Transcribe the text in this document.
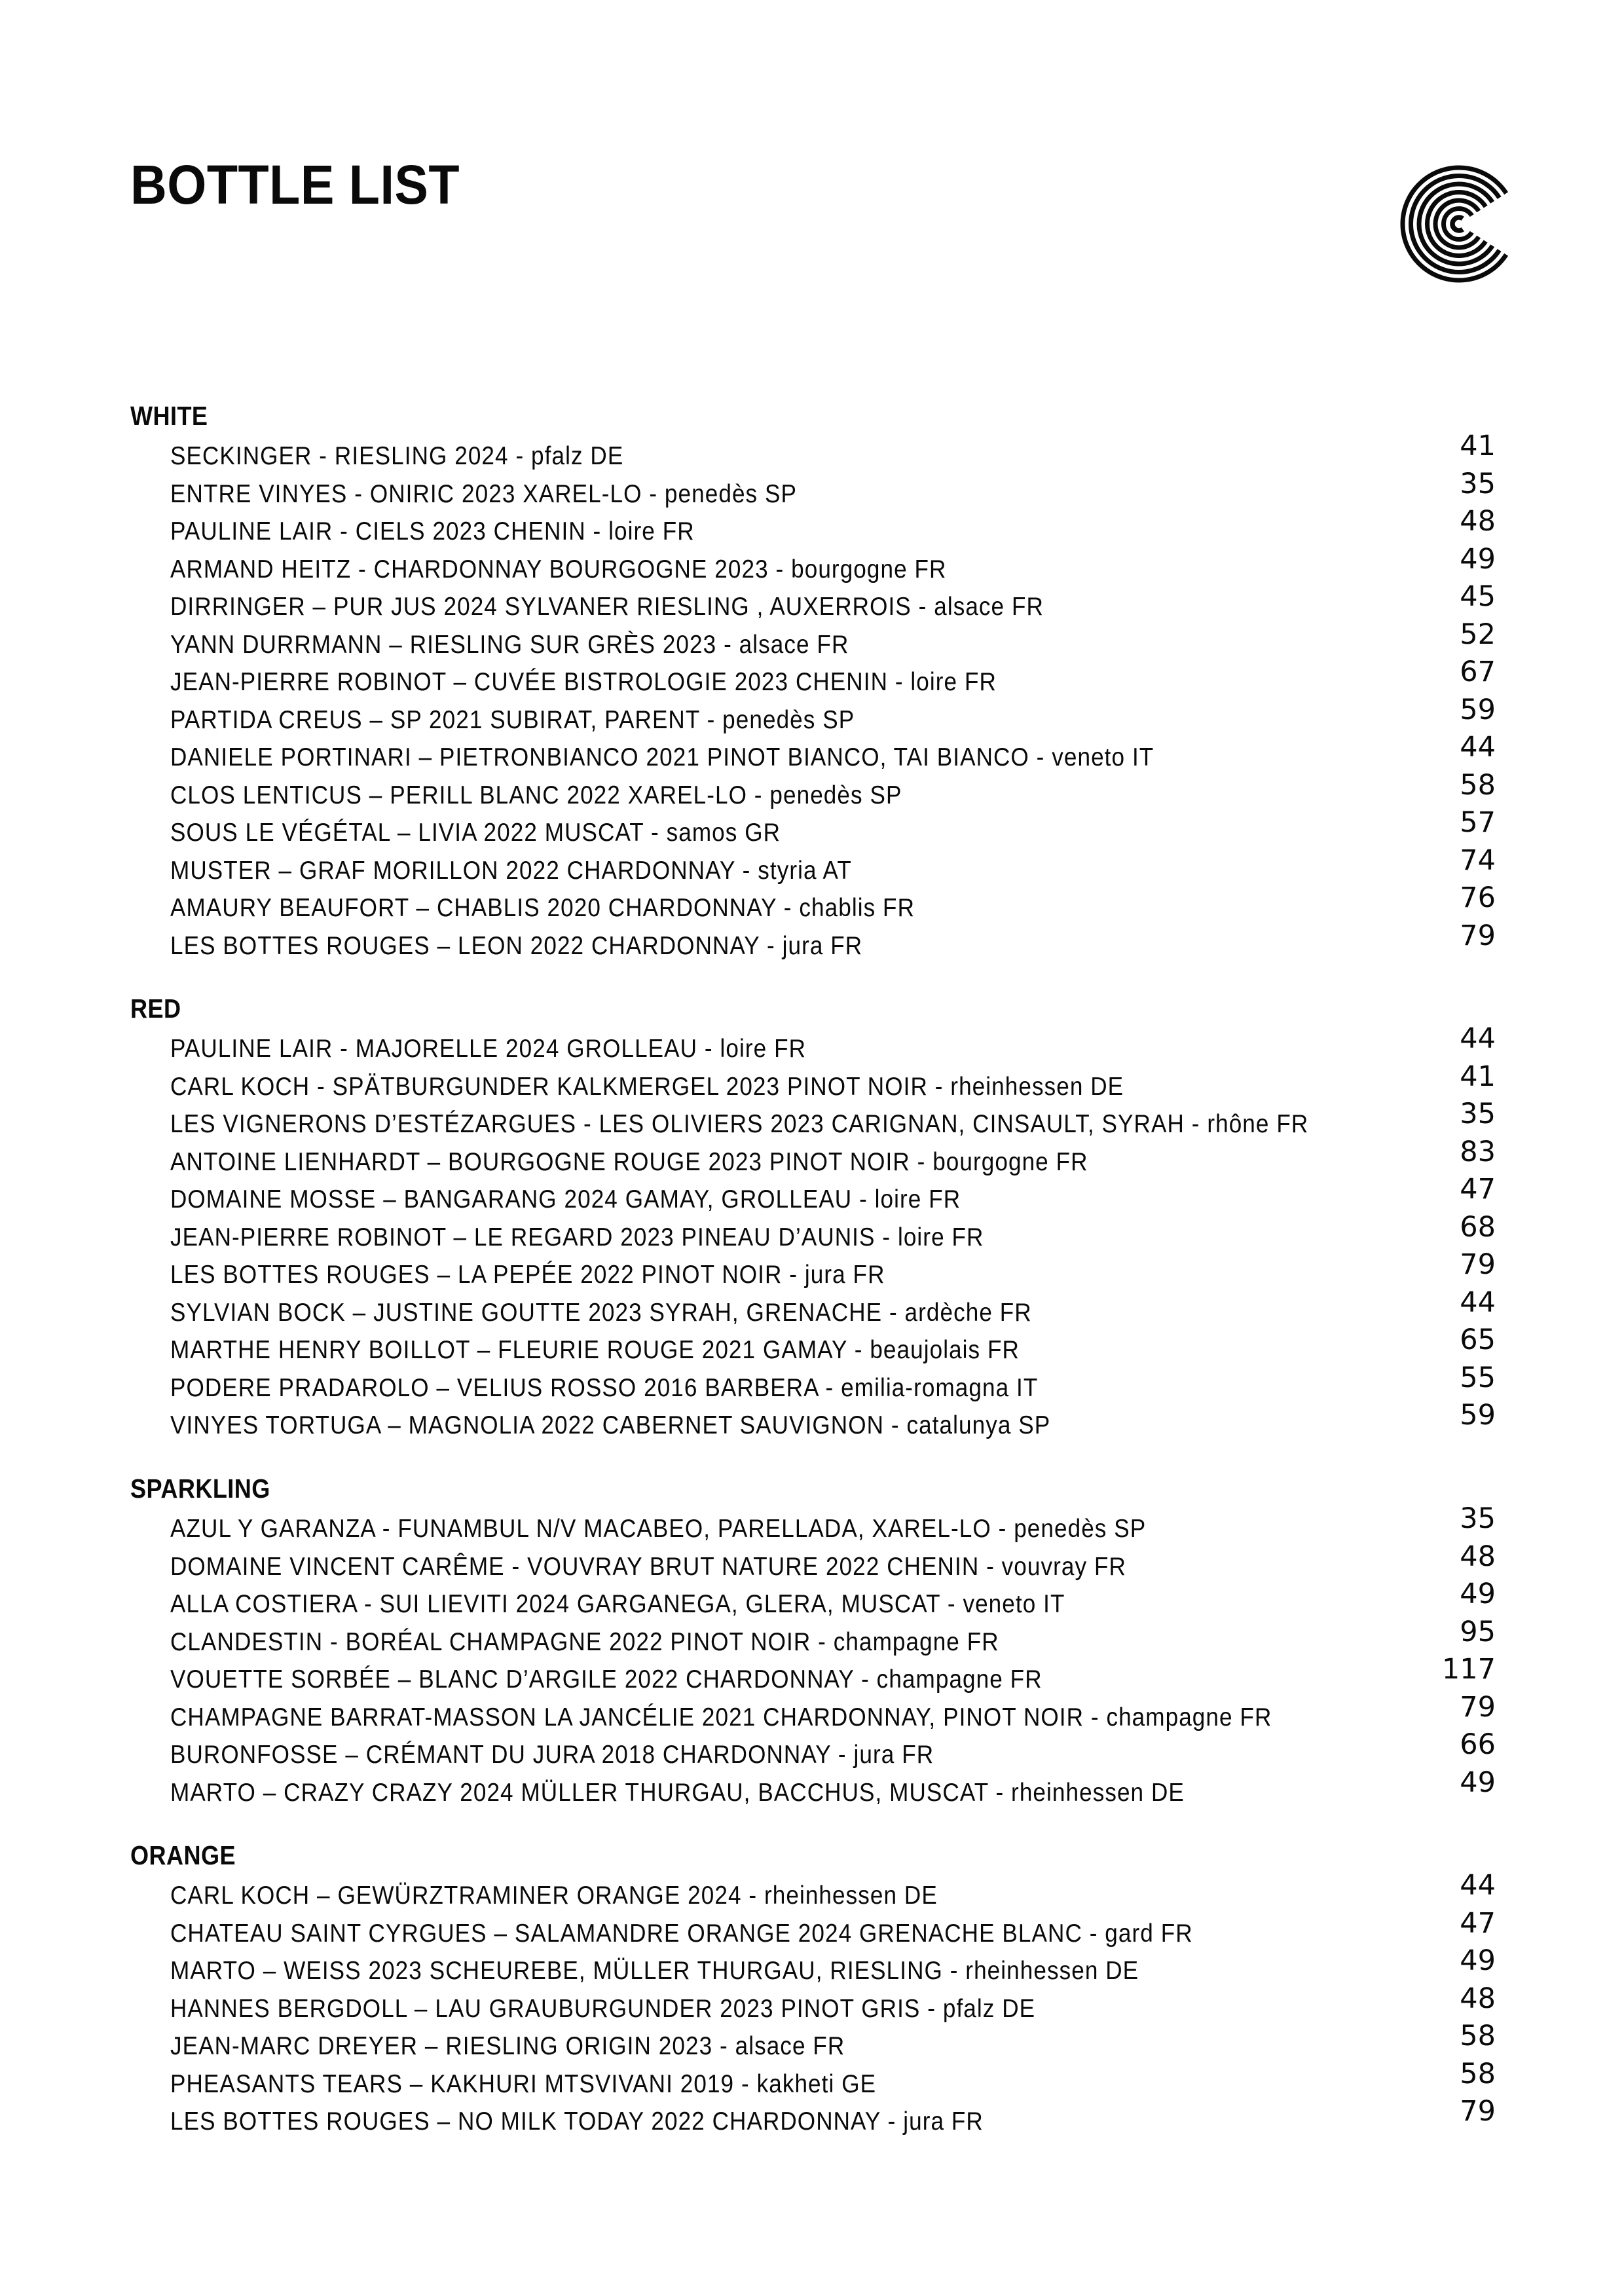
BOTTLE LIST
WHITE
SECKINGER - RIESLING 2024 - pfalz DE	41
ENTRE VINYES - ONIRIC 2023 XAREL-LO - penedès SP	35
PAULINE LAIR - CIELS 2023 CHENIN - loire FR	48
ARMAND HEITZ - CHARDONNAY BOURGOGNE 2023 - bourgogne FR	49
DIRRINGER – PUR JUS 2024 SYLVANER RIESLING , AUXERROIS - alsace FR	45
YANN DURRMANN – RIESLING SUR GRÈS 2023 - alsace FR	52
JEAN-PIERRE ROBINOT – CUVÉE BISTROLOGIE 2023 CHENIN - loire FR	67
PARTIDA CREUS – SP 2021 SUBIRAT, PARENT - penedès SP	59
DANIELE PORTINARI – PIETRONBIANCO 2021 PINOT BIANCO, TAI BIANCO - veneto IT	44
CLOS LENTICUS – PERILL BLANC 2022 XAREL-LO - penedès SP	58
SOUS LE VÉGÉTAL – LIVIA 2022 MUSCAT - samos GR	57
MUSTER – GRAF MORILLON 2022 CHARDONNAY - styria AT	74
AMAURY BEAUFORT – CHABLIS 2020 CHARDONNAY - chablis FR	76
LES BOTTES ROUGES – LEON 2022 CHARDONNAY - jura FR	79
RED
PAULINE LAIR - MAJORELLE 2024 GROLLEAU - loire FR	44
CARL KOCH - SPÄTBURGUNDER KALKMERGEL 2023 PINOT NOIR - rheinhessen DE	41
LES VIGNERONS D’ESTÉZARGUES - LES OLIVIERS 2023 CARIGNAN, CINSAULT, SYRAH - rhône FR	35
ANTOINE LIENHARDT – BOURGOGNE ROUGE 2023 PINOT NOIR - bourgogne FR	83
DOMAINE MOSSE – BANGARANG 2024 GAMAY, GROLLEAU - loire FR	47
JEAN-PIERRE ROBINOT – LE REGARD 2023 PINEAU D’AUNIS - loire FR	68
LES BOTTES ROUGES – LA PEPÉE 2022 PINOT NOIR - jura FR	79
SYLVIAN BOCK – JUSTINE GOUTTE 2023 SYRAH, GRENACHE - ardèche FR	44
MARTHE HENRY BOILLOT – FLEURIE ROUGE 2021 GAMAY - beaujolais FR	65
PODERE PRADAROLO – VELIUS ROSSO 2016 BARBERA - emilia-romagna IT	55
VINYES TORTUGA – MAGNOLIA 2022 CABERNET SAUVIGNON - catalunya SP	59
SPARKLING
AZUL Y GARANZA - FUNAMBUL N/V MACABEO, PARELLADA, XAREL-LO - penedès SP	35
DOMAINE VINCENT CARÊME - VOUVRAY BRUT NATURE 2022 CHENIN - vouvray FR	48
ALLA COSTIERA - SUI LIEVITI 2024 GARGANEGA, GLERA, MUSCAT - veneto IT	49
CLANDESTIN - BORÉAL CHAMPAGNE 2022 PINOT NOIR - champagne FR	95
VOUETTE SORBÉE – BLANC D’ARGILE 2022 CHARDONNAY - champagne FR	117
CHAMPAGNE BARRAT-MASSON LA JANCÉLIE 2021 CHARDONNAY, PINOT NOIR - champagne FR	79
BURONFOSSE – CRÉMANT DU JURA 2018 CHARDONNAY - jura FR	66
MARTO – CRAZY CRAZY 2024 MÜLLER THURGAU, BACCHUS, MUSCAT - rheinhessen DE	49
ORANGE
CARL KOCH – GEWÜRZTRAMINER ORANGE 2024 - rheinhessen DE	44
CHATEAU SAINT CYRGUES – SALAMANDRE ORANGE 2024 GRENACHE BLANC - gard FR	47
MARTO – WEISS 2023 SCHEUREBE, MÜLLER THURGAU, RIESLING - rheinhessen DE	49
HANNES BERGDOLL – LAU GRAUBURGUNDER 2023 PINOT GRIS - pfalz DE	48
JEAN-MARC DREYER – RIESLING ORIGIN 2023 - alsace FR	58
PHEASANTS TEARS – KAKHURI MTSVIVANI 2019 - kakheti GE	58
LES BOTTES ROUGES – NO MILK TODAY 2022 CHARDONNAY - jura FR	79
